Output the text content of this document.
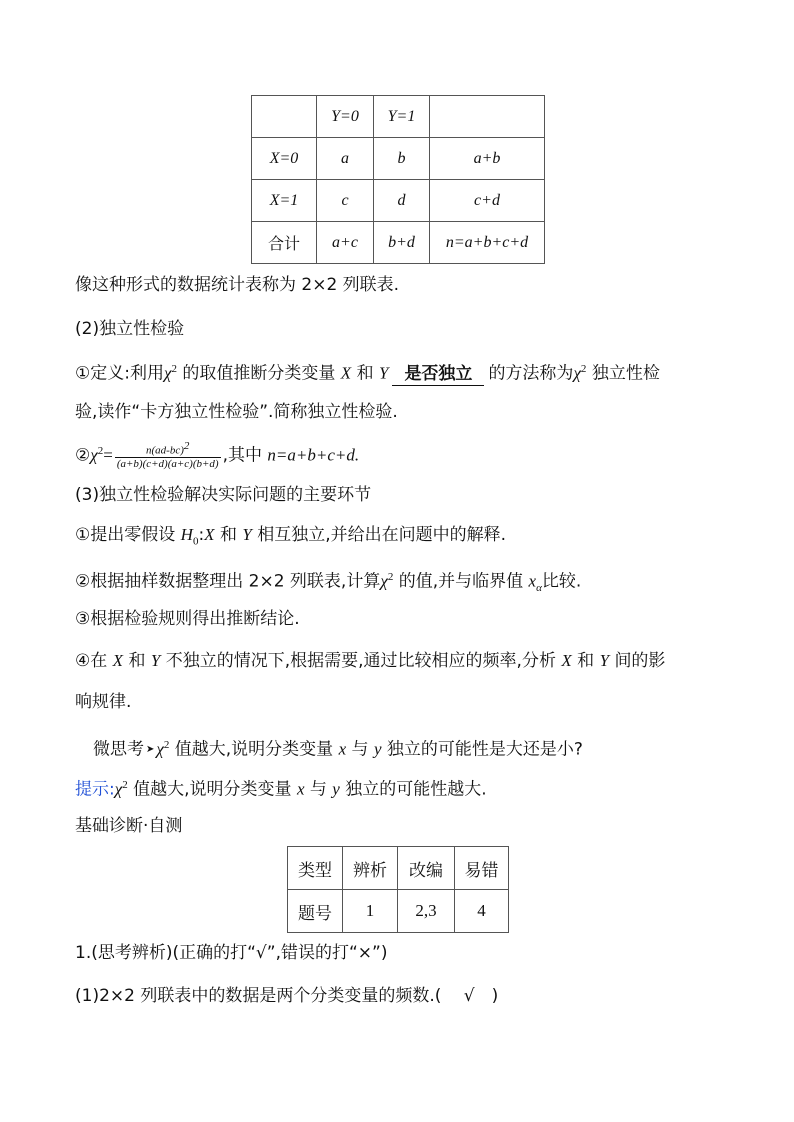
	Y=0	Y=1	
X=0	a	b	a+b
X=1	c	d	c+d
合计	a+c	b+d	n=a+b+c+d
像这种形式的数据统计表称为 2×2 列联表.
(2)独立性检验
①定义:利用$\chi^2$ 的取值推断分类变量 X 和 Y 是否独立 的方法称为$\chi^2$ 独立性检
验,读作“卡方独立性检验”.简称独立性检验.
$②\chi^2= \frac{n(ad-bc)^2}{(a+b)(c+d)(a+c)(b+d)}$ ,其中 n=a+b+c+d.
(3)独立性检验解决实际问题的主要环节
①提出零假设 $H_0:X$ 和 Y 相互独立,并给出在问题中的解释.
②根据抽样数据整理出 2×2 列联表,计算$\chi^2$ 的值,并与临界值 $x_\alpha$比较.
③根据检验规则得出推断结论.
④在 X 和 Y 不独立的情况下,根据需要,通过比较相应的频率,分析 X 和 Y 间的影
响规律.
微思考 ➤ $\chi^2$ 值越大,说明分类变量 x 与 y 独立的可能性是大还是小?
提示$:\chi^2$ 值越大,说明分类变量 x 与 y 独立的可能性越大.
基础诊断·自测
类型	辨析	改编	易错
题号	1	2,3	4
1.(思考辨析)(正确的打“√”,错误的打“×”)
(1)2×2 列联表中的数据是两个分类变量的频数.(　 √　)
